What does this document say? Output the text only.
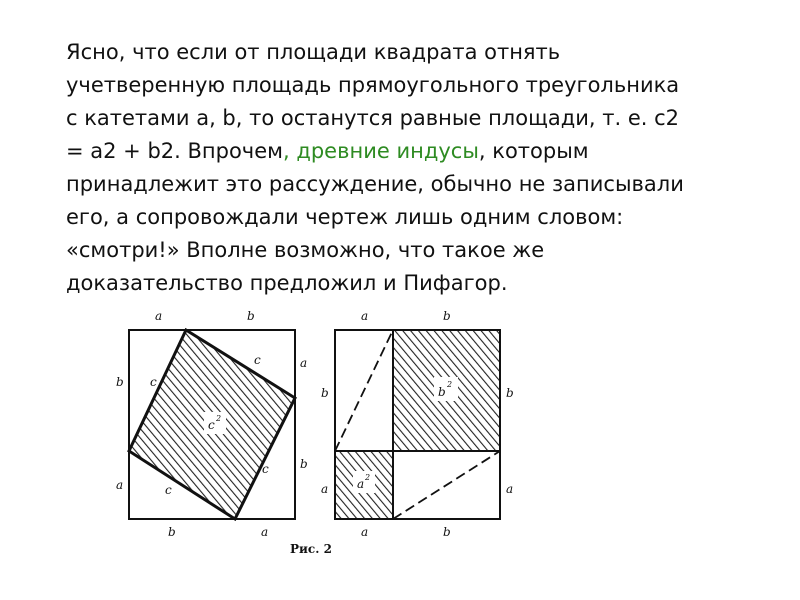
Ясно, что если от площади квадрата отнять
учетверенную площадь прямоугольного треугольника
с катетами a, b, то останутся равные площади, т. е. c2
= a2 + b2. Впрочем, древние индусы, которым
принадлежит это рассуждение, обычно не записывали
его, а сопровождали чертеж лишь одним словом:
«смотри!» Вполне возможно, что такое же
доказательство предложил и Пифагор.
c 2
a	b
b
a
a
b
b	a
c
c
c
c
b
2
a 2
a	b
b
a
b
a
a	b
Рис. 2
